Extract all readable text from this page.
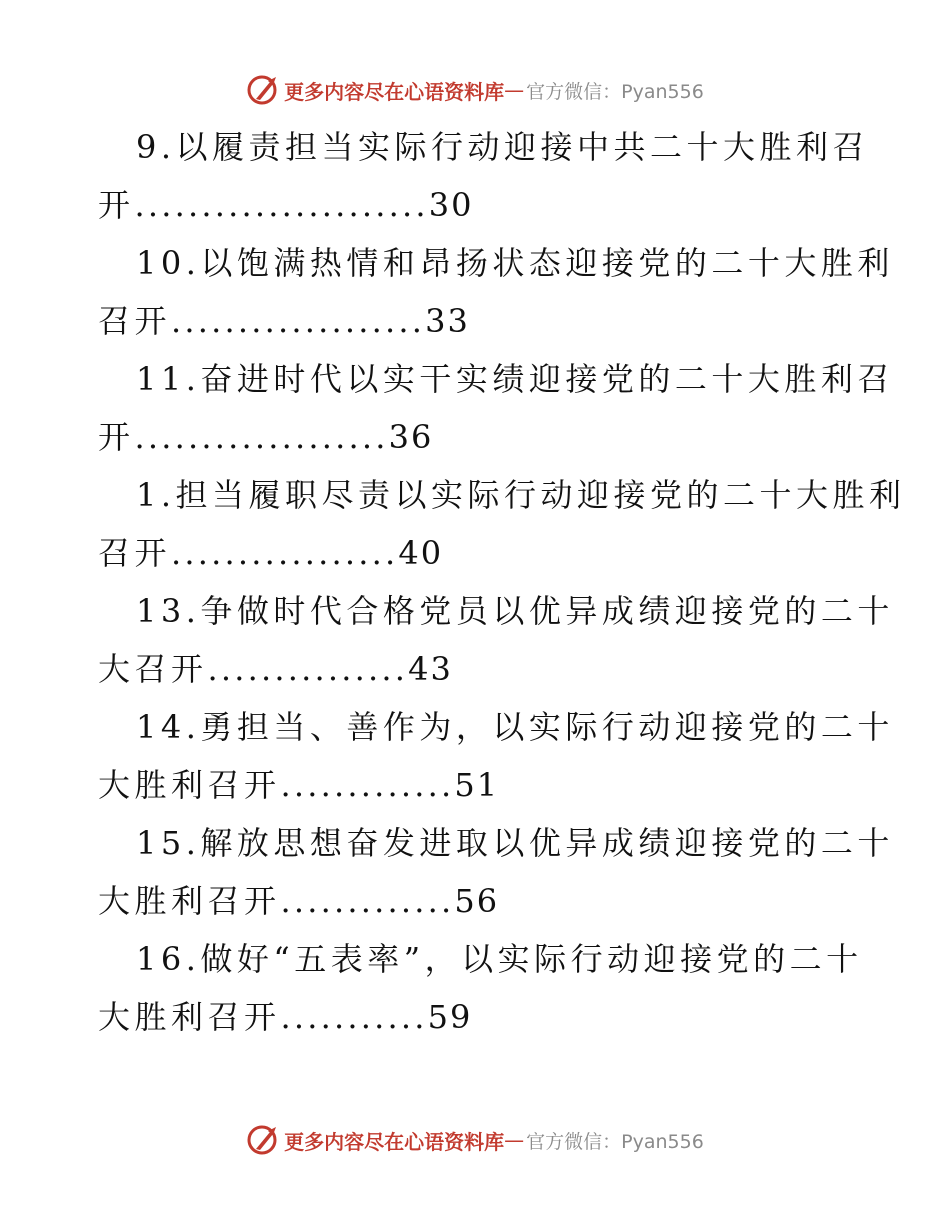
更多内容尽在心语资料库 — 官方微信：Pyan556
9.以履责担当实际行动迎接中共二十大胜利召
开......................30
10.以饱满热情和昂扬状态迎接党的二十大胜利
召开...................33
11.奋进时代以实干实绩迎接党的二十大胜利召
开...................36
1.担当履职尽责以实际行动迎接党的二十大胜利
召开.................40
13.争做时代合格党员以优异成绩迎接党的二十
大召开...............43
14.勇担当、善作为，以实际行动迎接党的二十
大胜利召开.............51
15.解放思想奋发进取以优异成绩迎接党的二十
大胜利召开.............56
16.做好“五表率”，以实际行动迎接党的二十
大胜利召开...........59
更多内容尽在心语资料库 — 官方微信：Pyan556
